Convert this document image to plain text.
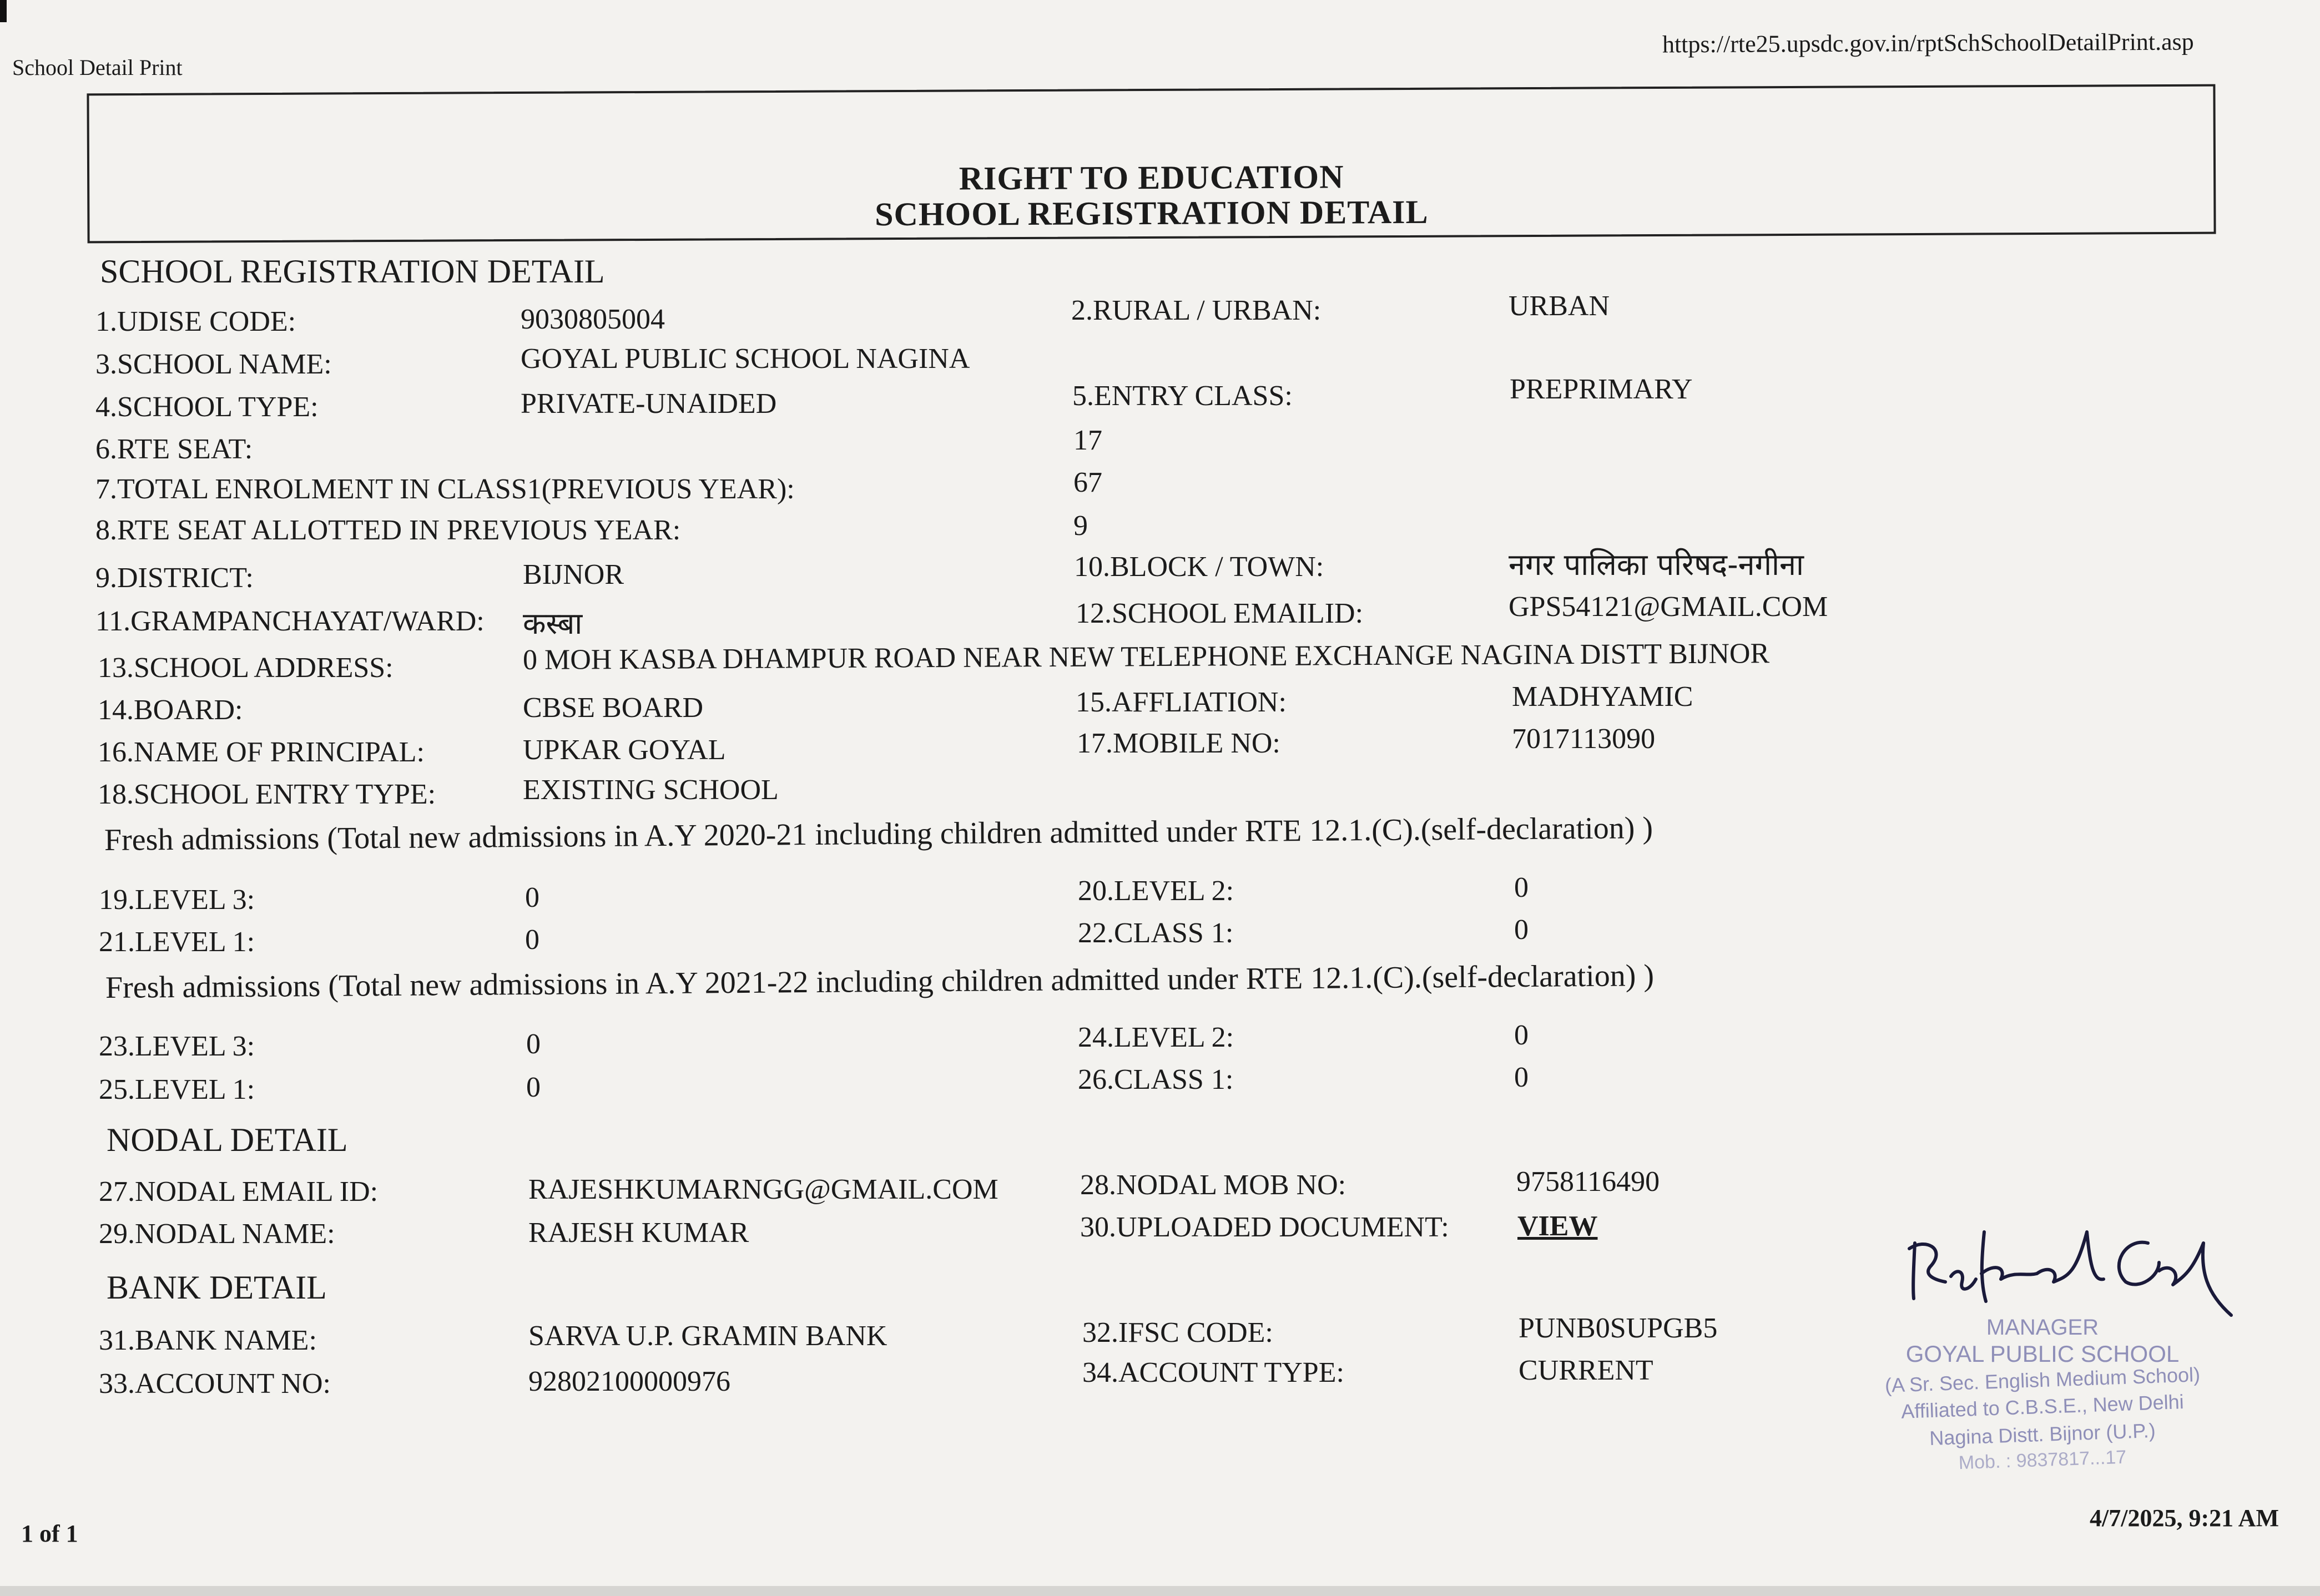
School Detail Print
https://rte25.upsdc.gov.in/rptSchSchoolDetailPrint.asp
RIGHT TO EDUCATION
SCHOOL REGISTRATION DETAIL
SCHOOL REGISTRATION DETAIL
1.UDISE CODE:	9030805004	2.RURAL / URBAN:	URBAN
3.SCHOOL NAME:	GOYAL PUBLIC SCHOOL NAGINA
4.SCHOOL TYPE:	PRIVATE-UNAIDED	5.ENTRY CLASS:	PREPRIMARY
6.RTE SEAT:	17
7.TOTAL ENROLMENT IN CLASS1(PREVIOUS YEAR):	67
8.RTE SEAT ALLOTTED IN PREVIOUS YEAR:	9
9.DISTRICT:	BIJNOR	10.BLOCK / TOWN:	नगर पालिका परिषद-नगीना
11.GRAMPANCHAYAT/WARD: कस्बा	12.SCHOOL EMAILID:	GPS54121@GMAIL.COM
13.SCHOOL ADDRESS:	0 MOH KASBA DHAMPUR ROAD NEAR NEW TELEPHONE EXCHANGE NAGINA DISTT BIJNOR
14.BOARD:	CBSE BOARD	15.AFFLIATION:	MADHYAMIC
16.NAME OF PRINCIPAL:	UPKAR GOYAL	17.MOBILE NO:	7017113090
18.SCHOOL ENTRY TYPE:	EXISTING SCHOOL
Fresh admissions (Total new admissions in A.Y 2020-21 including children admitted under RTE 12.1.(C).(self-declaration) )
19.LEVEL 3:	0	20.LEVEL 2:	0
21.LEVEL 1:	0	22.CLASS 1:	0
Fresh admissions (Total new admissions in A.Y 2021-22 including children admitted under RTE 12.1.(C).(self-declaration) )
23.LEVEL 3:	0	24.LEVEL 2:	0
25.LEVEL 1:	0	26.CLASS 1:	0
NODAL DETAIL
27.NODAL EMAIL ID:	RAJESHKUMARNGG@GMAIL.COM	28.NODAL MOB NO:	9758116490
29.NODAL NAME:	RAJESH KUMAR	30.UPLOADED DOCUMENT: VIEW
BANK DETAIL
31.BANK NAME:	SARVA U.P. GRAMIN BANK	32.IFSC CODE:	PUNB0SUPGB5
33.ACCOUNT NO:	92802100000976	34.ACCOUNT TYPE:	CURRENT
MANAGER
GOYAL PUBLIC SCHOOL
(A Sr. Sec. English Medium School)
Affiliated to C.B.S.E., New Delhi
Nagina Distt. Bijnor (U.P.)
Mob. : 9837817...17
1 of 1
4/7/2025, 9:21 AM
